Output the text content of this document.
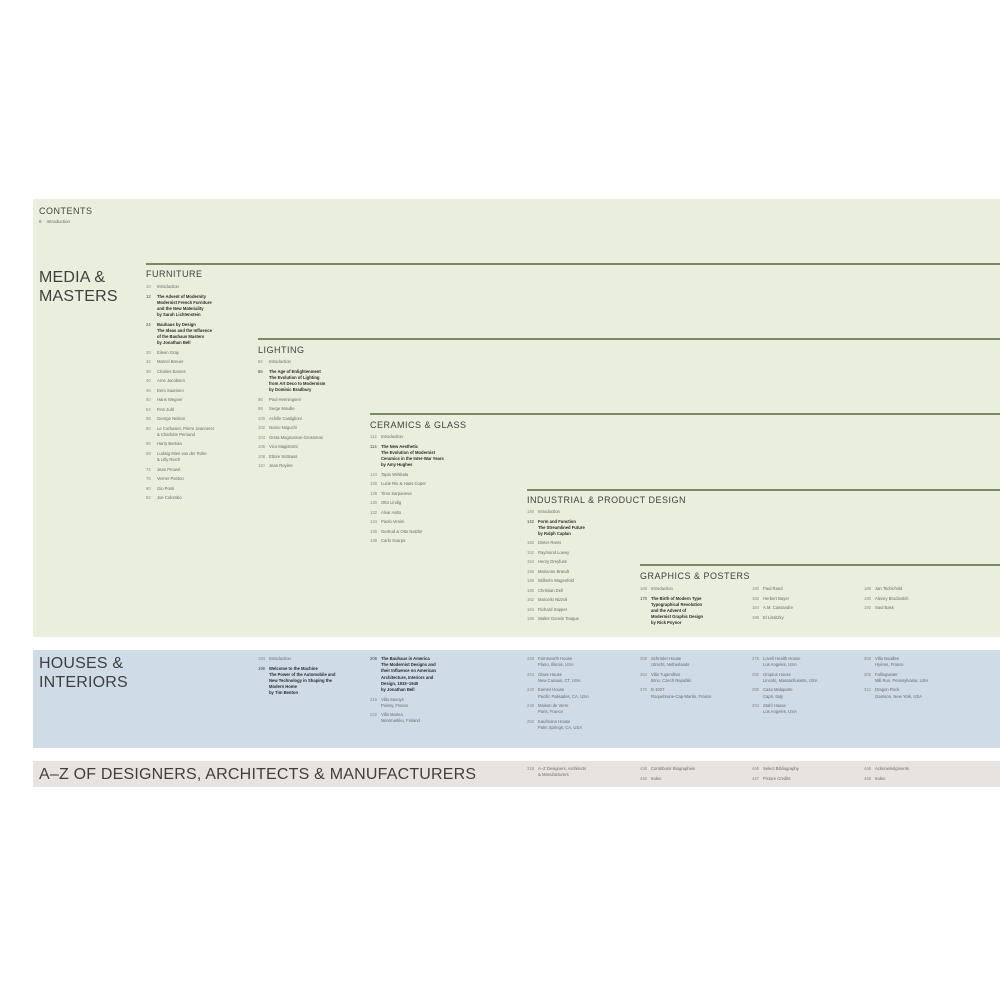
CONTENTS
8 Introduction
MEDIA & MASTERS
FURNITURE
10	Introduction
12	The Advent of Modernity
Modernist French Furniture
and the New Materiality
by Sarah Lichtenstein
24	Bauhaus by Design
The Ideas and the Influence
of the Bauhaus Masters
by Jonathan Bell
30	Eileen Gray
32	Marcel Breuer
36	Charles Eames
40	Arne Jacobsen
46	Eero Saarinen
50	Hans Wegner
54	Finn Juhl
58	George Nelson
60	Le Corbusier, Pierre Jeanneret
& Charlotte Perriand
66	Harry Bertoia
68	Ludwig Mies van der Rohe
& Lilly Reich
74	Jean Prouvé
76	Verner Panton
80	Gio Ponti
82	Joe Colombo
LIGHTING
84	Introduction
86	The Age of Enlightenment
The Evolution of Lighting
from Art Deco to Modernism
by Dominic Bradbury
96	Poul Henningsen
98	Serge Mouille
100 Achille Castiglioni
102 Isamu Noguchi
104 Greta Magnusson-Grossman
106 Vico Magistretti
108 Ettore Sottsass
110 Jean Royère
CERAMICS & GLASS
112 Introduction
114 The New Aesthetic
The Evolution of Modernist
Ceramics in the Inter-War Years
by Amy Hughes
124 Tapio Wirkkala
126 Lucie Rie & Hans Coper
128 Timo Sarpaneva
130 Otto Lindig
132 Alvar Aalto
134 Paolo Venini
136 Gertrud & Otto Natzler
138 Carlo Scarpa
INDUSTRIAL & PRODUCT DESIGN
140 Introduction
142 Form and Function
The Streamlined Future
by Ralph Caplan
150 Dieter Rams
152 Raymond Loewy
154 Henry Dreyfuss
156 Marianne Brandt
158 Wilhelm Wagenfeld
160 Christian Dell
162 Marcello Nizzoli
164 Richard Sapper
166 Walter Dorwin Teague
GRAPHICS & POSTERS
168 Introduction
170 The Birth of Modern Type
Typographical Revolution
and the Advent of
Modernist Graphic Design
by Rick Poynor
180 Paul Rand
182 Herbert Bayer
184 A.M. Cassandre
186 El Lissitzky
188 Jan Tschichold
190 Alexey Brodovitch
192 Saul Bass
HOUSES & INTERIORS
194 Introduction
196 Welcome to the Machine
The Power of the Automobile and
New Technology in Shaping the
Modern Home
by Tim Benton
206 The Bauhaus in America
The Modernist Designs and
their Influence on American
Architecture, Interiors and
Design, 1933–1940
by Jonathan Bell
216 Villa Savoye
Poissy, France
222 Villa Mairea
Noormarkku, Finland
228 Farnsworth House
Plano, Illinois, USA
234 Glass House
New Canaan, CT, USA
240 Eames House
Pacific Palisades, CA, USA
246 Maison de Verre
Paris, France
252 Kaufmann House
Palm Springs, CA, USA
258 Schröder House
Utrecht, Netherlands
264 Villa Tugendhat
Brno, Czech Republic
270 E-1027
Roquebrune-Cap-Martin, France
276 Lovell Health House
Los Angeles, USA
282 Gropius House
Lincoln, Massachusetts, USA
288 Casa Malaparte
Capri, Italy
294 Stahl House
Los Angeles, USA
300 Villa Noailles
Hyères, France
306 Fallingwater
Mill Run, Pennsylvania, USA
312 Dragon Rock
Garrison, New York, USA
A–Z OF DESIGNERS, ARCHITECTS & MANUFACTURERS	318 A–Z Designers, Architects
& Manufacturers
438 Contributor Biographies
440 Index
446 Select Bibliography
447 Picture Credits
448 Acknowledgments
448 Index
